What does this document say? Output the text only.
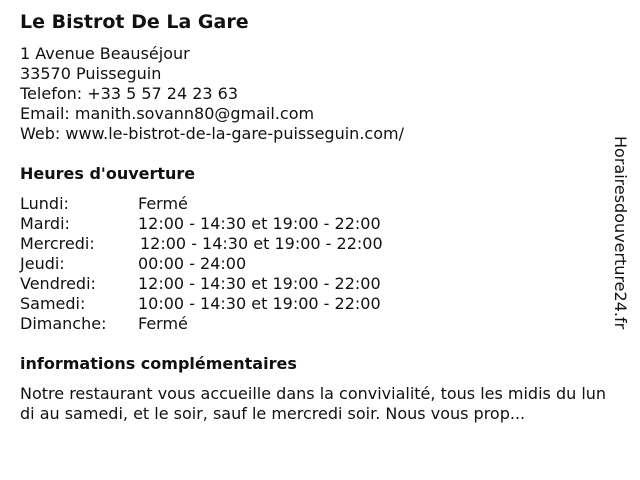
Le Bistrot De La Gare
1 Avenue Beauséjour
33570 Puisseguin
Telefon: +33 5 57 24 23 63
Email: manith.sovann80@gmail.com
Web: www.le-bistrot-de-la-gare-puisseguin.com/
Heures d'ouverture
Lundi:	Fermé
Mardi:	12:00 - 14:30 et 19:00 - 22:00
Mercredi:	12:00 - 14:30 et 19:00 - 22:00
Jeudi:	00:00 - 24:00
Vendredi:	12:00 - 14:30 et 19:00 - 22:00
Samedi:	10:00 - 14:30 et 19:00 - 22:00
Dimanche: Fermé
informations complémentaires
Notre restaurant vous accueille dans la convivialité, tous les midis du lundi au samedi, et le soir, sauf le mercredi soir. Nous vous prop...
Horairesdouverture24.fr
